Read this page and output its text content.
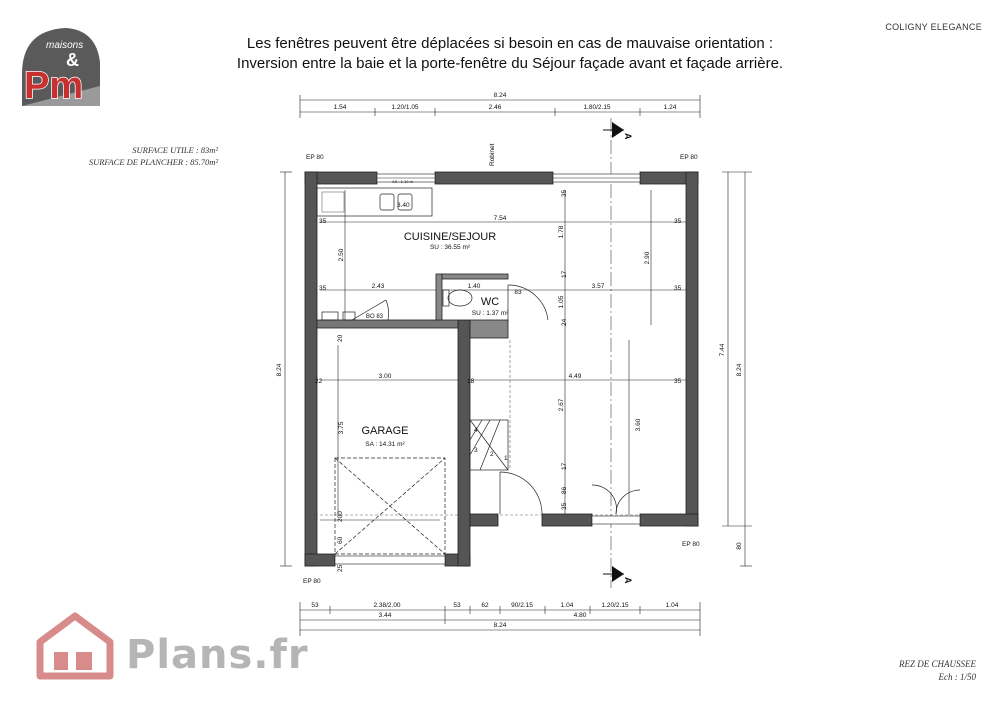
maisons
&
Pm
Les fenêtres peuvent être déplacées si besoin en cas de mauvaise orientation :
Inversion entre la baie et la porte-fenêtre du Séjour façade avant et façade arrière.
COLIGNY ELEGANCE
SURFACE UTILE : 83m²
SURFACE DE PLANCHER : 85.70m²
A
A
CUISINE/SEJOUR
SU : 36.55 m²
WC
SU : 1.37 m²
GARAGE
SA : 14.31 m²
EP 80	EP 80
EP 80
EP 80
Robinet
AS : 1.10 m
3.40
BO 83
4
3
2
1
8.24
1.54	1.20/1.05	2.46	1.80/2.15	1.24
53	2.38/2.00	53	62	90/2.15	1.04	1.20/2.15	1.04
3.44	4.80
8.24
8.24
7.44
8.24
80
7.54
2.50
2.43	1.40
83
3.57
2.90
1.78
1.05
3.00	4.49
2.67
3.60
3.75
35
35
35
35
35
35
35
22	18
17
17
24
86
20
200
60
25
Plans.fr	REZ DE CHAUSSEE
Ech : 1/50
